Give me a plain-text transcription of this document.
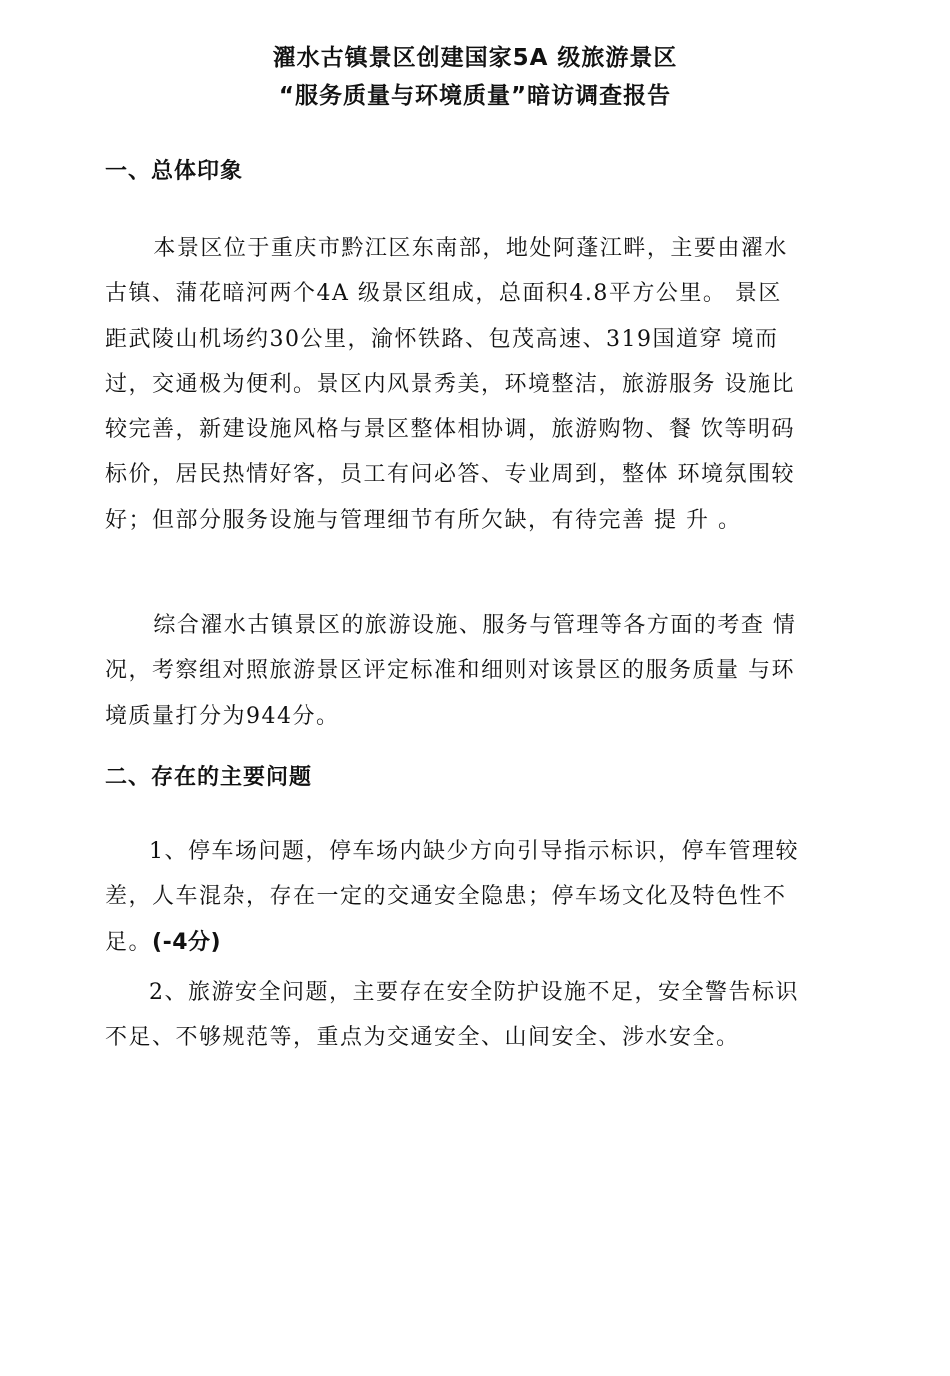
濯水古镇景区创建国家5A 级旅游景区
“服务质量与环境质量”暗访调查报告
一、总体印象

本景区位于重庆市黔江区东南部，地处阿蓬江畔，主要由濯水古镇、蒲花暗河两个4A 级景区组成，总面积4.8平方公里。 景区距武陵山机场约30公里，渝怀铁路、包茂高速、319国道穿 境而过，交通极为便利。景区内风景秀美，环境整洁，旅游服务 设施比较完善，新建设施风格与景区整体相协调，旅游购物、餐 饮等明码标价，居民热情好客，员工有问必答、专业周到，整体 环境氛围较好；但部分服务设施与管理细节有所欠缺，有待完善 提 升 。

综合濯水古镇景区的旅游设施、服务与管理等各方面的考查 情况，考察组对照旅游景区评定标准和细则对该景区的服务质量 与环境质量打分为944分。

二、存在的主要问题

1、停车场问题，停车场内缺少方向引导指示标识，停车管理较差，人车混杂，存在一定的交通安全隐患；停车场文化及特色性不足。(-4分)

2、旅游安全问题，主要存在安全防护设施不足，安全警告标识不足、不够规范等，重点为交通安全、山间安全、涉水安全。
